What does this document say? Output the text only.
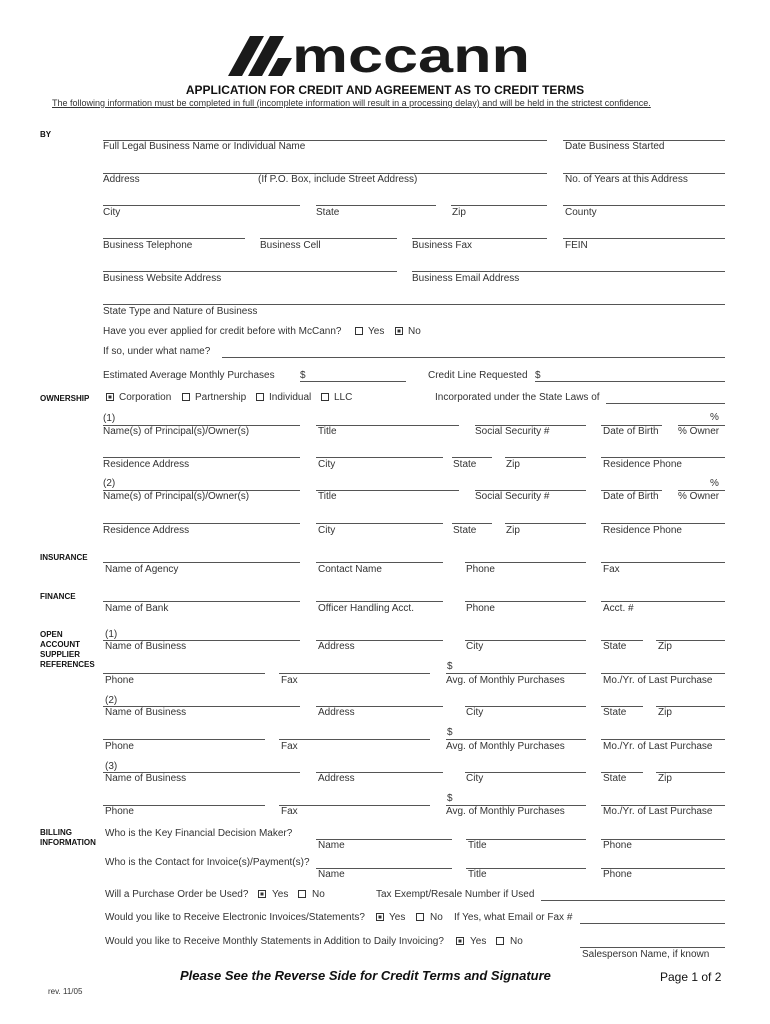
mccann
APPLICATION FOR CREDIT AND AGREEMENT AS TO CREDIT TERMS
The following information must be completed in full (incomplete information will result in a processing delay) and will be held in the strictest confidence.
BY
OWNERSHIP
INSURANCE
FINANCE
OPEN
ACCOUNT
SUPPLIER
REFERENCES
BILLING
INFORMATION
Full Legal Business Name or Individual Name	Date Business Started
Address	(If P.O. Box, include Street Address)	No. of Years at this Address
City	State	Zip	County
Business Telephone	Business Cell	Business Fax	FEIN
Business Website Address	Business Email Address
State Type and Nature of Business
Have you ever applied for credit before with McCann?	Yes No
If so, under what name?
Estimated Average Monthly Purchases	$	Credit Line Requested $
Corporation Partnership Individual LLC	Incorporated under the State Laws of
(1)	%
Name(s) of Principal(s)/Owner(s)	Title	Social Security #	Date of Birth % Owner
Residence Address	City	State	Zip	Residence Phone
(2)	%
Name(s) of Principal(s)/Owner(s)	Title	Social Security #	Date of Birth % Owner
Residence Address	City	State	Zip	Residence Phone
Name of Agency	Contact Name	Phone	Fax
Name of Bank	Officer Handling Acct.	Phone	Acct. #
(1)
Name of Business	Address	City	State	Zip
$
Phone	Fax	Avg. of Monthly Purchases	Mo./Yr. of Last Purchase
(2)
Name of Business	Address	City	State	Zip
$
Phone	Fax	Avg. of Monthly Purchases	Mo./Yr. of Last Purchase
(3)
Name of Business	Address	City	State	Zip
$
Phone	Fax	Avg. of Monthly Purchases	Mo./Yr. of Last Purchase
Who is the Key Financial Decision Maker?
Name	Title	Phone
Who is the Contact for Invoice(s)/Payment(s)?
Name	Title	Phone
Will a Purchase Order be Used? Yes No	Tax Exempt/Resale Number if Used
Would you like to Receive Electronic Invoices/Statements? Yes No If Yes, what Email or Fax #
Would you like to Receive Monthly Statements in Addition to Daily Invoicing?	Yes No
Salesperson Name, if known
Please See the Reverse Side for Credit Terms and Signature	Page 1 of 2
rev. 11/05
